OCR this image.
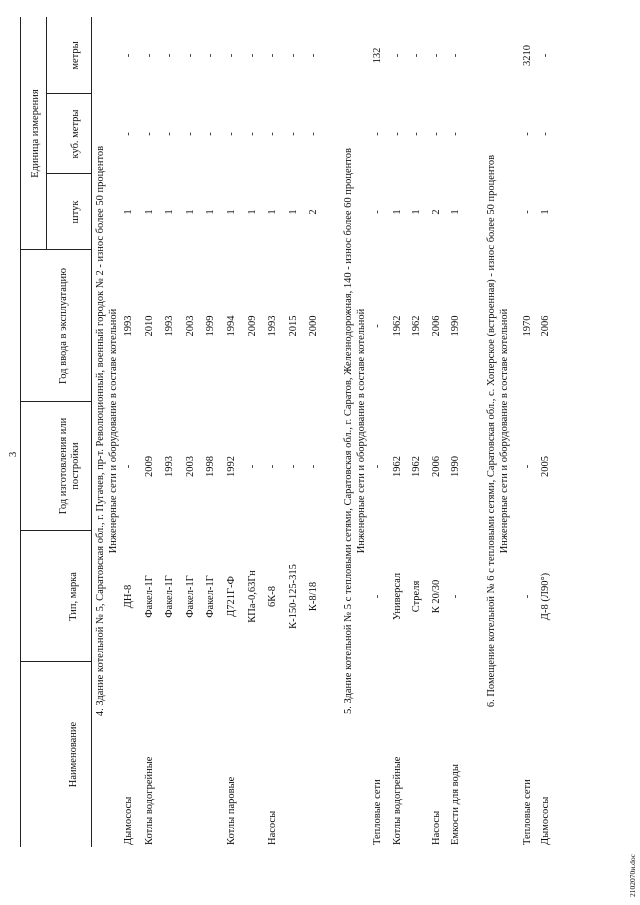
3
Наименование
Тип, марка
Год изготовления или постройки
Год ввода в эксплуатацию
Единица измерения
штук
куб. метры
метры
4. Здание котельной № 5, Саратовская обл., г. Пугачев, пр-т. Революционный, военный городок № 2 - износ более 50 процентов Инженерные сети и оборудование в составе котельной
Дымососы
ДН-8
-
1993
1
-
-
Котлы водогрейные
Факел-1Г
2009
2010
1
-
-
Факел-1Г
1993
1993
1
-
-
Факел-1Г
2003
2003
1
-
-
Факел-1Г
1998
1999
1
-
-
Котлы паровые
Д721Г-Ф
1992
1994
1
-
-
КПа-0,63Гн
-
2009
1
-
-
Насосы
6К-8
-
1993
1
-
-
К-150-125-315
-
2015
1
-
-
К-8/18
-
2000
2
-
-
5. Здание котельной № 5 с тепловыми сетями, Саратовская обл., г. Саратов, Железнодорожная, 140 - износ более 60 процентов Инженерные сети и оборудование в составе котельной
Тепловые сети
-
-
-
-
-
132
Котлы водогрейные
Универсал
1962
1962
1
-
-
Стреля
1962
1962
1
-
-
Насосы
К 20/30
2006
2006
2
-
-
Емкости для воды
-
1990
1990
1
-
-
6. Помещение котельной № 6 с тепловыми сетями, Саратовская обл., с. Хоперское (встроенная) - износ более 50 процентов Инженерные сети и оборудование в составе котельной
Тепловые сети
-
-
1970
-
-
3210
Дымососы
Д-8 (Л90°)
2005
2006
1
-
-
2102070и.doc
